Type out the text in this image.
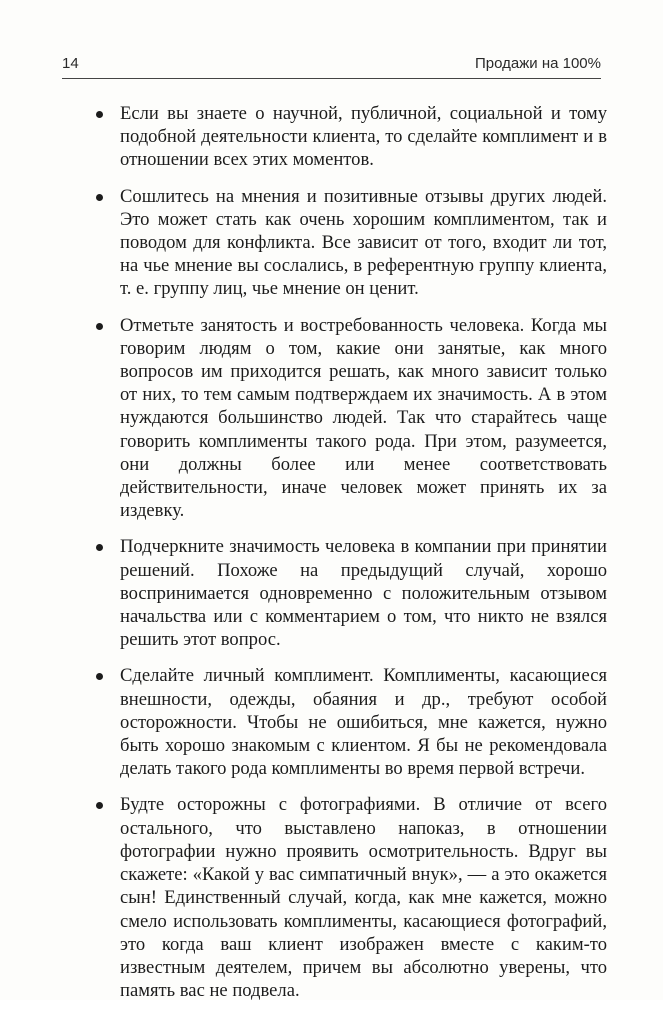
14	Продажи на 100%
Если вы знаете о научной, публичной, социальной и тому подобной деятельности клиента, то сделайте комплимент и в отношении всех этих моментов.
Сошлитесь на мнения и позитивные отзывы других людей. Это может стать как очень хорошим комплиментом, так и поводом для конфликта. Все зависит от того, входит ли тот, на чье мнение вы сослались, в референтную группу клиента, т. е. группу лиц, чье мнение он ценит.
Отметьте занятость и востребованность человека. Когда мы говорим людям о том, какие они занятые, как много вопросов им приходится решать, как много зависит только от них, то тем самым подтверждаем их значимость. А в этом нуждаются большинство людей. Так что старайтесь чаще говорить комплименты такого рода. При этом, разумеется, они должны более или менее соответствовать действительности, иначе человек может принять их за издевку.
Подчеркните значимость человека в компании при принятии решений. Похоже на предыдущий случай, хорошо воспринимается одновременно с положительным отзывом начальства или с комментарием о том, что никто не взялся решить этот вопрос.
Сделайте личный комплимент. Комплименты, касающиеся внешности, одежды, обаяния и др., требуют особой осторожности. Чтобы не ошибиться, мне кажется, нужно быть хорошо знакомым с клиентом. Я бы не рекомендовала делать такого рода комплименты во время первой встречи.
Будте осторожны с фотографиями. В отличие от всего остального, что выставлено напоказ, в отношении фотографии нужно проявить осмотрительность. Вдруг вы скажете: «Какой у вас симпатичный внук», — а это окажется сын! Единственный случай, когда, как мне кажется, можно смело использовать комплименты, касающиеся фотографий, это когда ваш клиент изображен вместе с каким-то известным деятелем, причем вы абсолютно уверены, что память вас не подвела.
